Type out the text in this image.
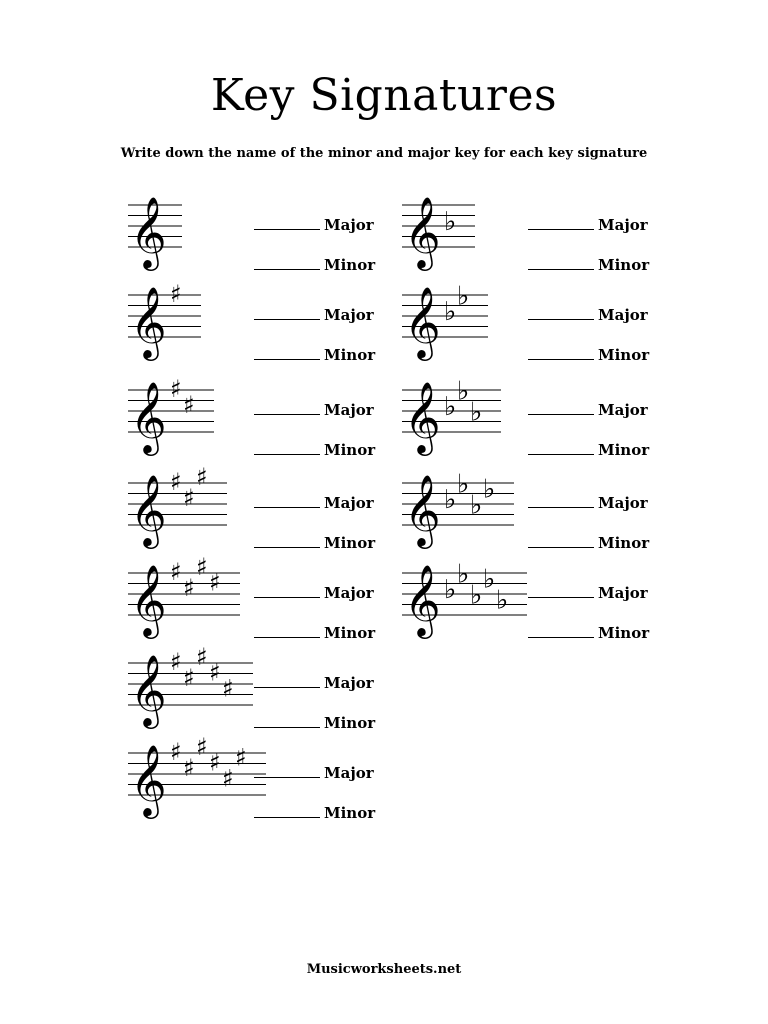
Key Signatures
Write down the name of the minor and major key for each key signature
𝄞	Major
Minor
𝄞 ♯
Major
Minor
𝄞 ♯
♯	Major
Minor
𝄞 ♯
♯
♯
Major
Minor
𝄞 ♯
♯
♯
♯	Major
Minor
𝄞 ♯
♯
♯
♯
♯	Major
Minor
𝄞 ♯
♯
♯
♯
♯
♯
Major
Minor
𝄞 ♭	Major
Minor
𝄞 ♭
♭
Major
Minor
𝄞 ♭
♭
♭	Major
Minor
𝄞 ♭
♭
♭
♭	Major
Minor
𝄞 ♭
♭
♭
♭
♭	Major
Minor
Musicworksheets.net
